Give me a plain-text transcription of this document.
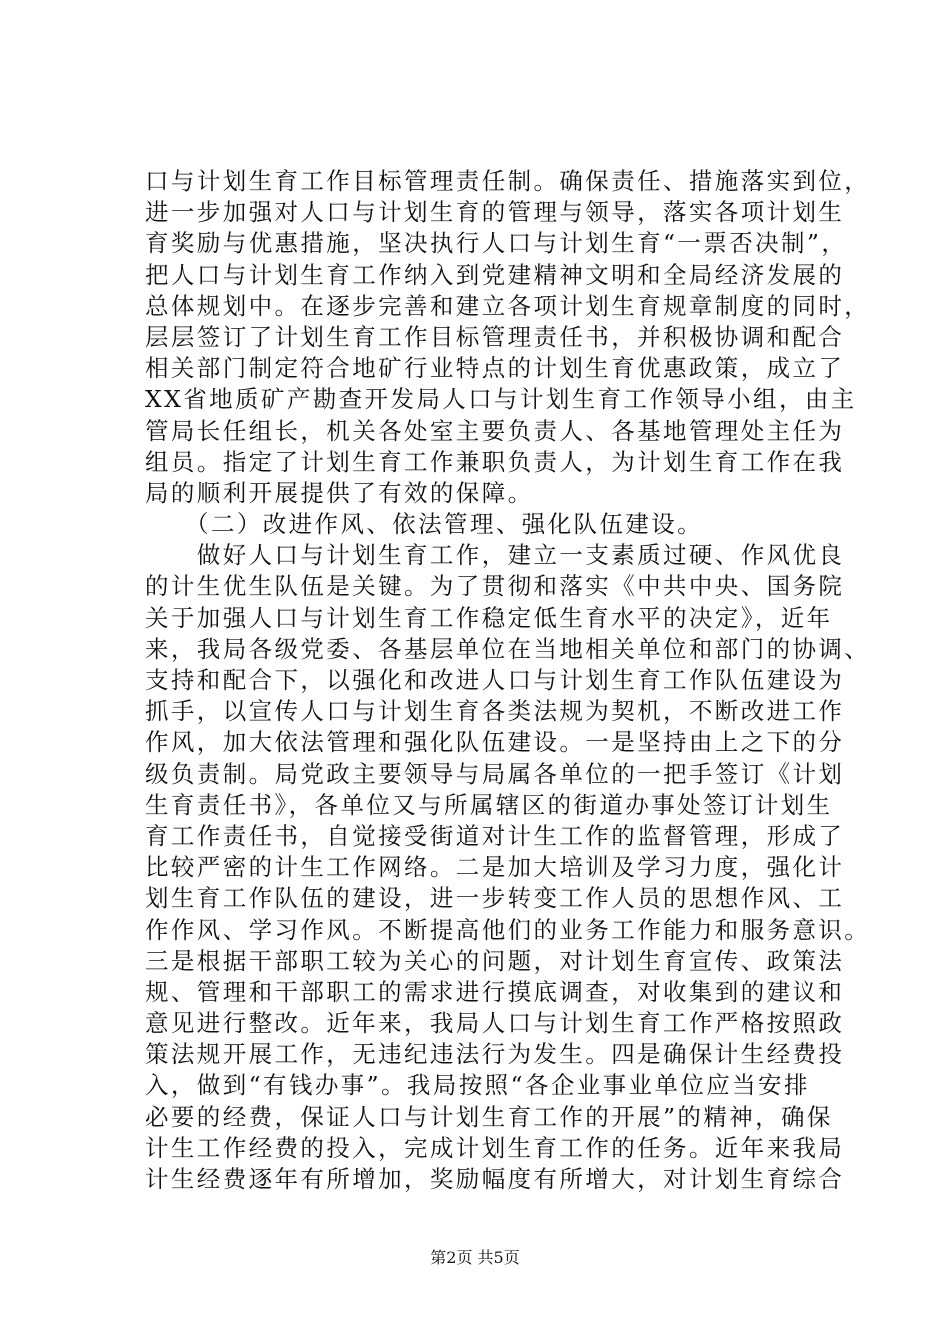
口与计划生育工作目标管理责任制。确保责任、措施落实到位，
进一步加强对人口与计划生育的管理与领导，落实各项计划生
育奖励与优惠措施，坚决执行人口与计划生育“一票否决制”，
把人口与计划生育工作纳入到党建精神文明和全局经济发展的
总体规划中。在逐步完善和建立各项计划生育规章制度的同时，
层层签订了计划生育工作目标管理责任书，并积极协调和配合
相关部门制定符合地矿行业特点的计划生育优惠政策，成立了
XX省地质矿产勘查开发局人口与计划生育工作领导小组，由主
管局长任组长，机关各处室主要负责人、各基地管理处主任为
组员。指定了计划生育工作兼职负责人，为计划生育工作在我
局的顺利开展提供了有效的保障。
　　（二）改进作风、依法管理、强化队伍建设。
　　做好人口与计划生育工作，建立一支素质过硬、作风优良
的计生优生队伍是关键。为了贯彻和落实《中共中央、国务院
关于加强人口与计划生育工作稳定低生育水平的决定》，近年
来，我局各级党委、各基层单位在当地相关单位和部门的协调、
支持和配合下，以强化和改进人口与计划生育工作队伍建设为
抓手，以宣传人口与计划生育各类法规为契机，不断改进工作
作风，加大依法管理和强化队伍建设。一是坚持由上之下的分
级负责制。局党政主要领导与局属各单位的一把手签订《计划
生育责任书》，各单位又与所属辖区的街道办事处签订计划生
育工作责任书，自觉接受街道对计生工作的监督管理，形成了
比较严密的计生工作网络。二是加大培训及学习力度，强化计
划生育工作队伍的建设，进一步转变工作人员的思想作风、工
作作风、学习作风。不断提高他们的业务工作能力和服务意识。
三是根据干部职工较为关心的问题，对计划生育宣传、政策法
规、管理和干部职工的需求进行摸底调查，对收集到的建议和
意见进行整改。近年来，我局人口与计划生育工作严格按照政
策法规开展工作，无违纪违法行为发生。四是确保计生经费投
入，做到“有钱办事”。我局按照“各企业事业单位应当安排
必要的经费，保证人口与计划生育工作的开展”的精神，确保
计生工作经费的投入，完成计划生育工作的任务。近年来我局
计生经费逐年有所增加，奖励幅度有所增大，对计划生育综合
第2页 共5页
